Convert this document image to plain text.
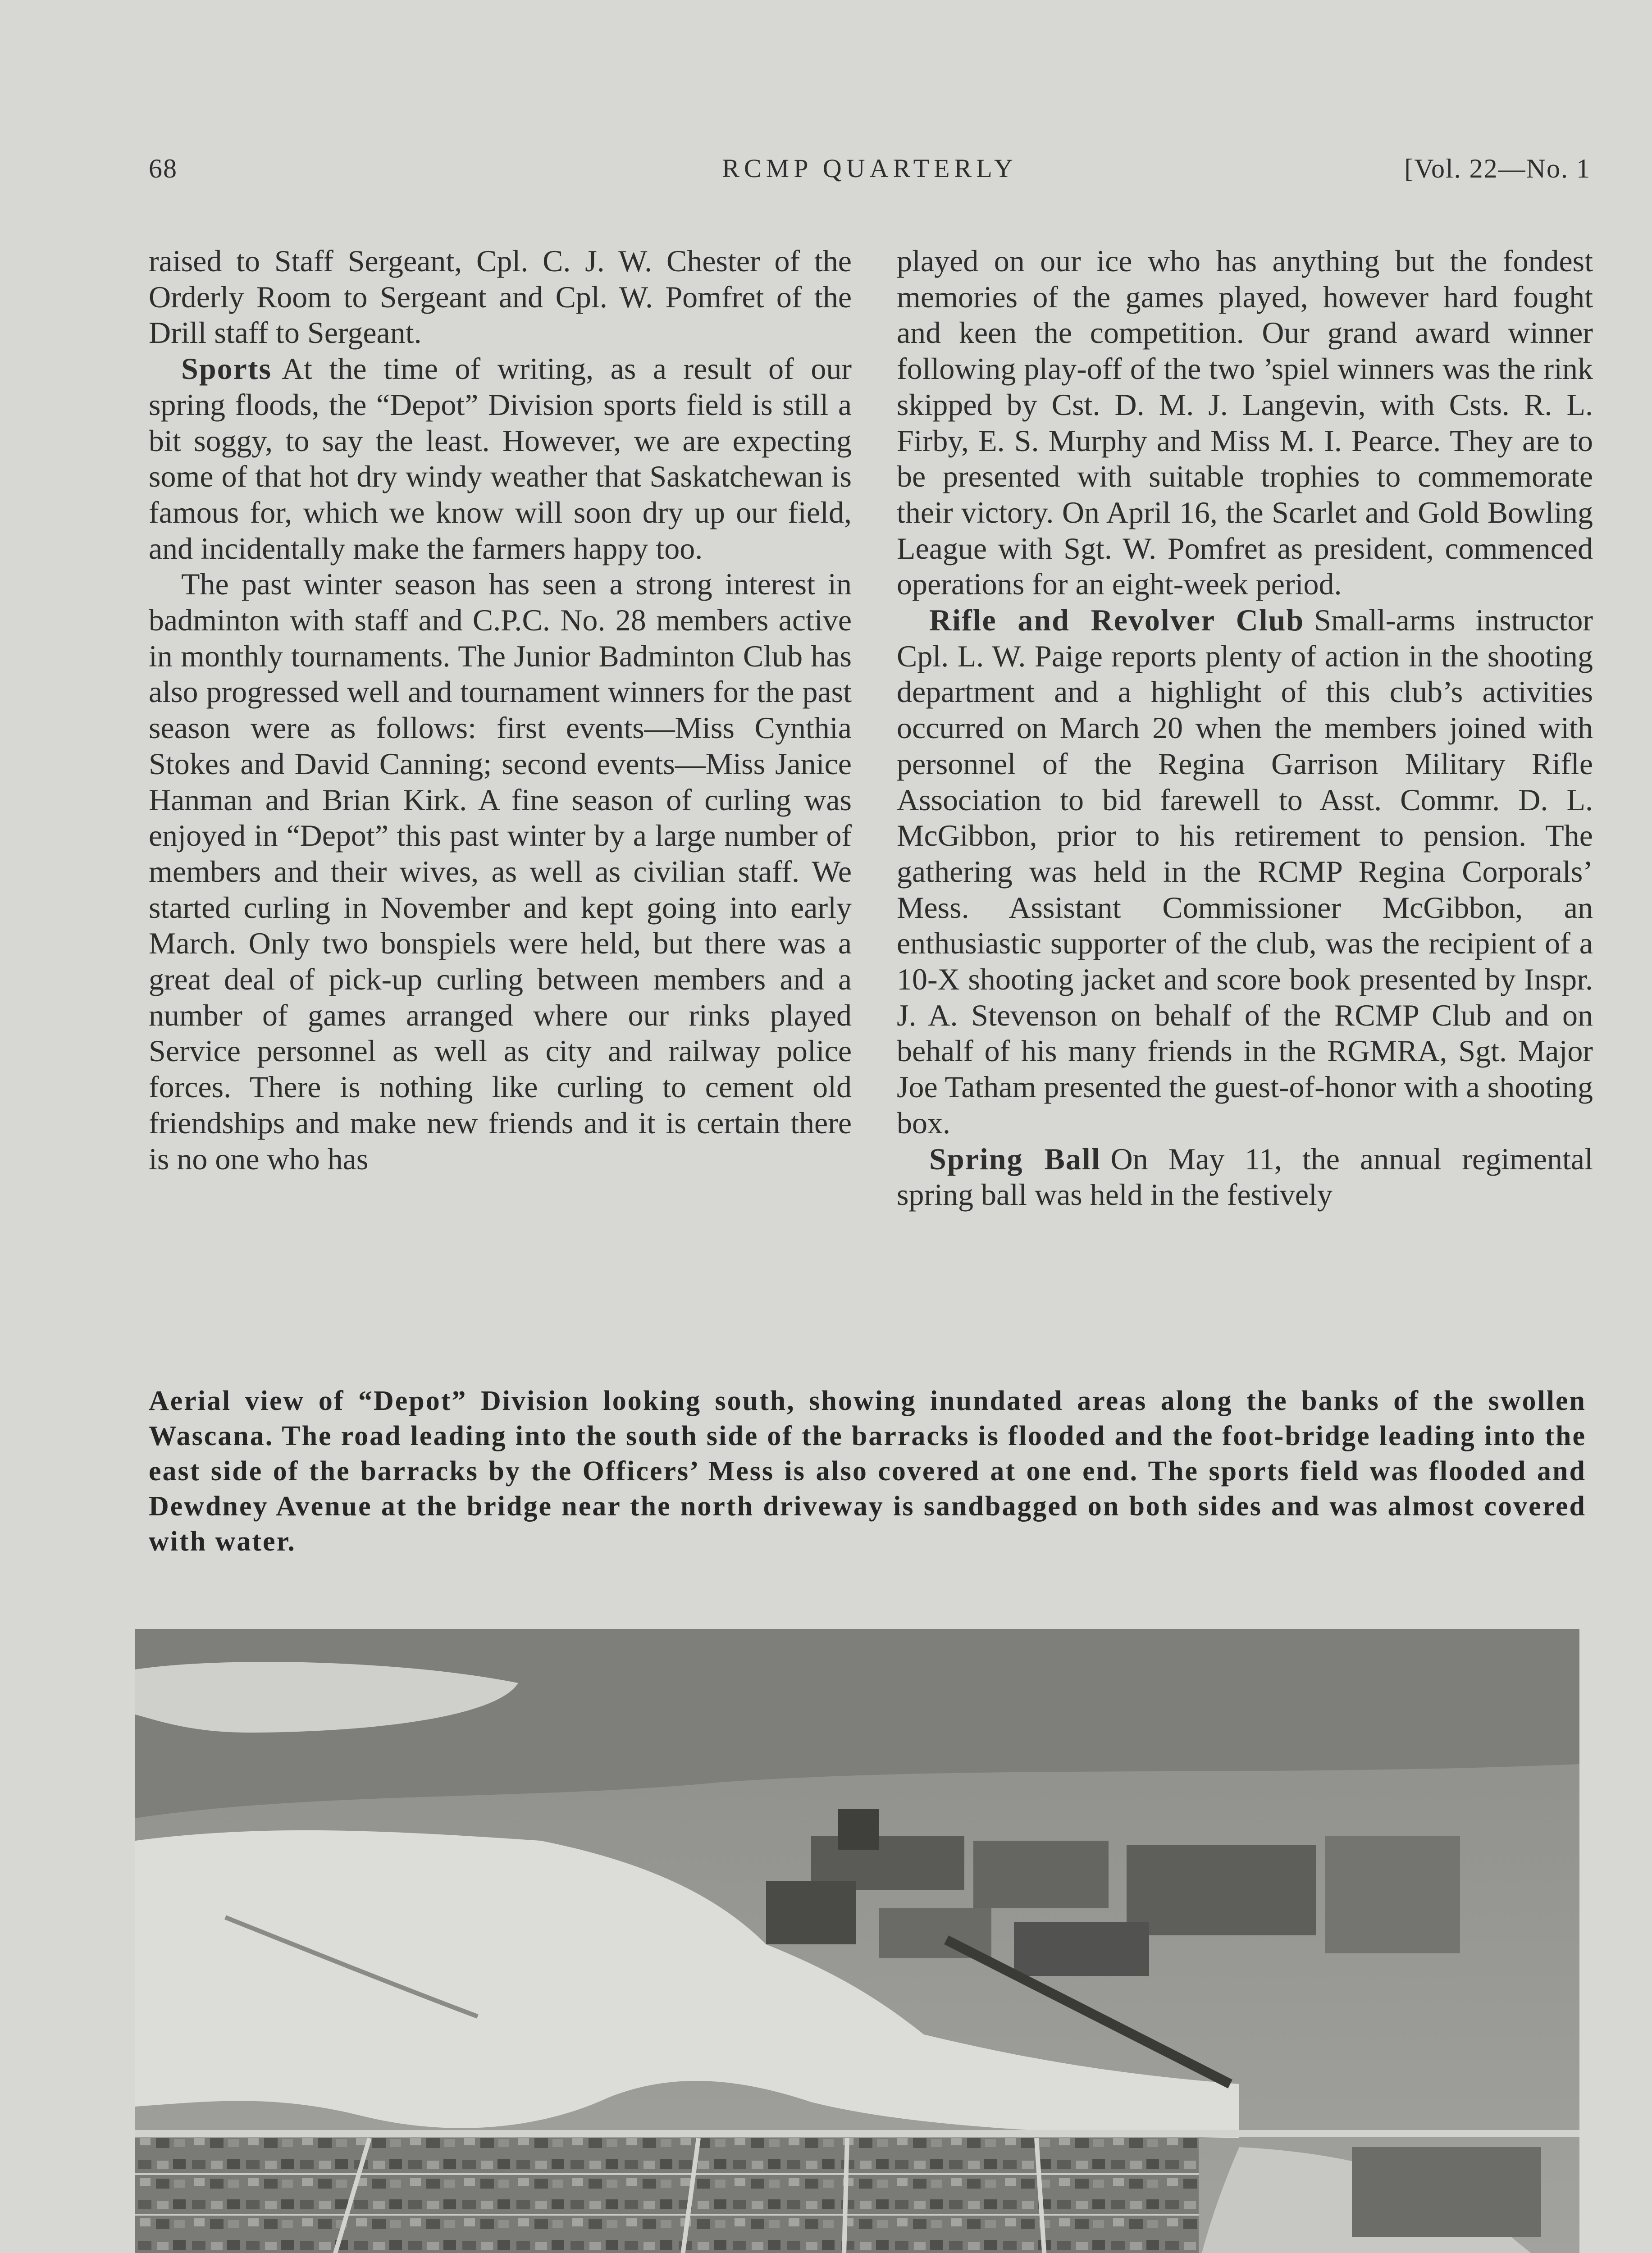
68	RCMP QUARTERLY	[Vol. 22—No. 1

raised to Staff Sergeant, Cpl. C. J. W. Chester of the Orderly Room to Sergeant and Cpl. W. Pomfret of the Drill staff to Sergeant.

Sports At the time of writing, as a result of our spring floods, the “Depot” Division sports field is still a bit soggy, to say the least. However, we are expecting some of that hot dry windy weather that Saskatchewan is famous for, which we know will soon dry up our field, and incidentally make the farmers happy too.

The past winter season has seen a strong interest in badminton with staff and C.P.C. No. 28 members active in monthly tournaments. The Junior Badminton Club has also progressed well and tournament winners for the past season were as follows: first events—Miss Cynthia Stokes and David Canning; second events—Miss Janice Hanman and Brian Kirk. A fine season of curling was enjoyed in “Depot” this past winter by a large number of members and their wives, as well as civilian staff. We started curling in November and kept going into early March. Only two bonspiels were held, but there was a great deal of pick-up curling between members and a number of games arranged where our rinks played Service personnel as well as city and railway police forces. There is nothing like curling to cement old friendships and make new friends and it is certain there is no one who has

played on our ice who has anything but the fondest memories of the games played, however hard fought and keen the competition. Our grand award winner following play-off of the two ’spiel winners was the rink skipped by Cst. D. M. J. Langevin, with Csts. R. L. Firby, E. S. Murphy and Miss M. I. Pearce. They are to be presented with suitable trophies to commemorate their victory. On April 16, the Scarlet and Gold Bowling League with Sgt. W. Pomfret as president, commenced operations for an eight-week period.

Rifle and Revolver Club Small-arms instructor Cpl. L. W. Paige reports plenty of action in the shooting department and a highlight of this club’s activities occurred on March 20 when the members joined with personnel of the Regina Garrison Military Rifle Association to bid farewell to Asst. Commr. D. L. McGibbon, prior to his retirement to pension. The gathering was held in the RCMP Regina Corporals’ Mess. Assistant Commissioner McGibbon, an enthusiastic supporter of the club, was the recipient of a 10-X shooting jacket and score book presented by Inspr. J. A. Stevenson on behalf of the RCMP Club and on behalf of his many friends in the RGMRA, Sgt. Major Joe Tatham presented the guest-of-honor with a shooting box.

Spring Ball On May 11, the annual regimental spring ball was held in the festively

Aerial view of “Depot” Division looking south, showing inundated areas along the banks of the swollen Wascana. The road leading into the south side of the barracks is flooded and the foot-bridge leading into the east side of the barracks by the Officers’ Mess is also covered at one end. The sports field was flooded and Dewdney Avenue at the bridge near the north driveway is sandbagged on both sides and was almost covered with water.
